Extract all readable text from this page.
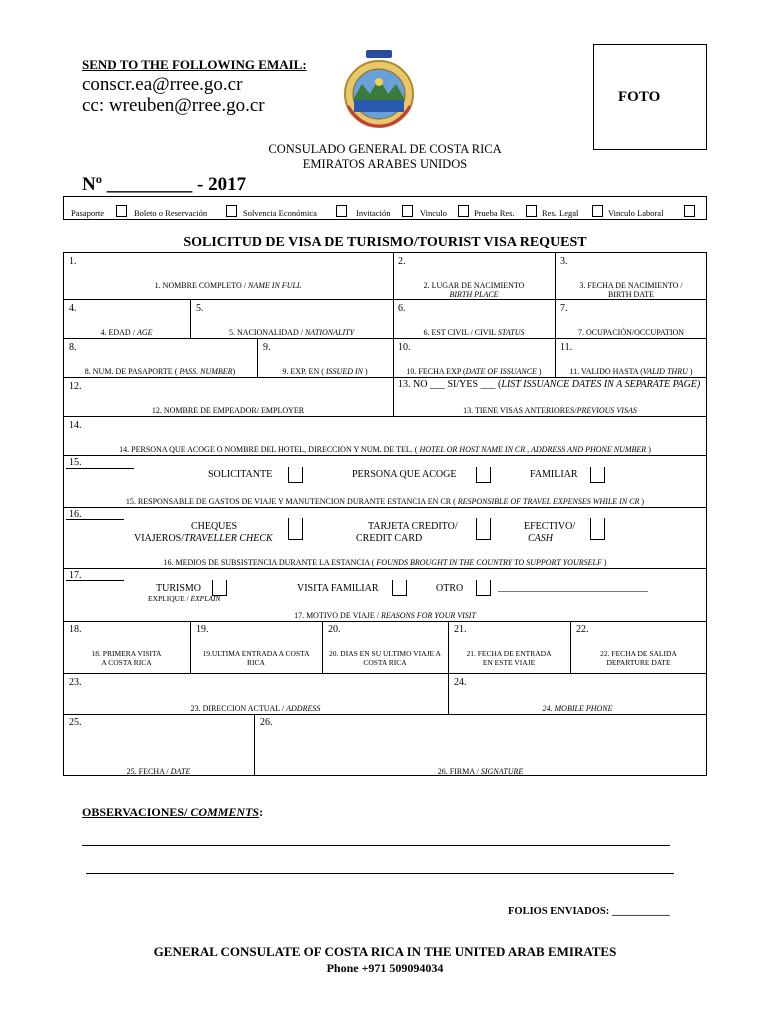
SEND TO THE FOLLOWING EMAIL:
conscr.ea@rree.go.cr
cc: wreuben@rree.go.cr	FOTO
CONSULADO GENERAL DE COSTA RICA
EMIRATOS ARABES UNIDOS
Nº _________ - 2017
Pasaporte	Boleto o Reservación	Solvencia Económica	Invitación	Vinculo	Prueba Res.	Res. Legal	Vinculo Laboral
SOLICITUD DE VISA DE TURISMO/TOURIST VISA REQUEST
1.	2.	3.
1. NOMBRE COMPLETO / NAME IN FULL	2. LUGAR DE NACIMIENTO
BIRTH PLACE
3. FECHA DE NACIMIENTO /
BIRTH DATE
4.	5.	6.	7.
4. EDAD / AGE	5. NACIONALIDAD / NATIONALITY	6. EST CIVIL / CIVIL STATUS	7. OCUPACIÓN/OCCUPATION
8.	9.	10.	11.
8. NUM. DE PASAPORTE ( PASS. NUMBER)	9. EXP. EN ( ISSUED IN )	10. FECHA EXP (DATE OF ISSUANCE )	11. VALIDO HASTA (VALID THRU )
12.	13. NO ___ SI/YES ___ (LIST ISSUANCE DATES IN A SEPARATE PAGE)
12. NOMBRE DE EMPEADOR/ EMPLOYER	13. TIENE VISAS ANTERIORES/PREVIOUS VISAS
14.
14. PERSONA QUE ACOGE O NOMBRE DEL HOTEL, DIRECCION Y NUM. DE TEL. ( HOTEL OR HOST NAME IN CR , ADDRESS AND PHONE NUMBER )
15.
SOLICITANTE	PERSONA QUE ACOGE	FAMILIAR
15. RESPONSABLE DE GASTOS DE VIAJE Y MANUTENCION DURANTE ESTANCIA EN CR ( RESPONSIBLE OF TRAVEL EXPENSES WHILE IN CR )
16.
CHEQUES
VIAJEROS/TRAVELLER CHECK
TARJETA CREDITO/
CREDIT CARD
EFECTIVO/
CASH
16. MEDIOS DE SUBSISTENCIA DURANTE LA ESTANCIA ( FOUNDS BROUGHT IN THE COUNTRY TO SUPPORT YOURSELF )
17.
TURISMO	VISITA FAMILIAR	OTRO	______________________________
EXPLIQUE / EXPLAIN
17. MOTIVO DE VIAJE / REASONS FOR YOUR VISIT
18.	19.	20.	21.	22.
18. PRIMERA VISITA
A COSTA RICA
19.ULTIMA ENTRADA A COSTA
RICA
20. DIAS EN SU ULTIMO VIAJE A
COSTA RICA
21. FECHA DE ENTRADA
EN ESTE VIAJE
22. FECHA DE SALIDA
DEPARTURE DATE
23.	24.
23. DIRECCION ACTUAL / ADDRESS	24. MOBILE PHONE
25.	26.
25. FECHA / DATE	26. FIRMA / SIGNATURE
OBSERVACIONES/ COMMENTS:
FOLIOS ENVIADOS: ___________
GENERAL CONSULATE OF COSTA RICA IN THE UNITED ARAB EMIRATES
Phone +971 509094034
